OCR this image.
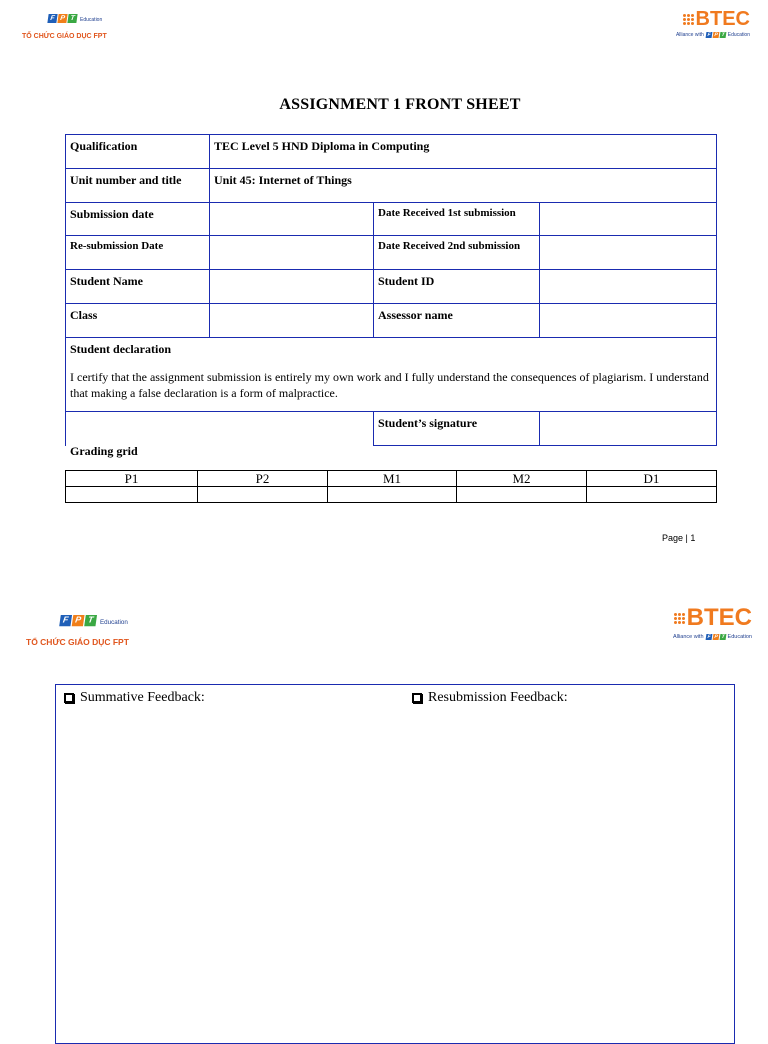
F P T Education
TỔ CHỨC GIÁO DỤC FPT
BTEC
Alliance with F P T Education
ASSIGNMENT 1 FRONT SHEET
Qualification	TEC Level 5 HND Diploma in Computing		
Unit number and title	Unit 45: Internet of Things		
Submission date		Date Received 1st submission	
Re-submission Date		Date Received 2nd submission	
Student Name		Student ID	
Class		Assessor name	

Student declaration
I certify that the assignment submission is entirely my own work and I fully understand the consequences of plagiarism. I understand that making a false declaration is a form of malpractice.			

		Student’s signature	
Grading grid
P1	P2	M1	M2	D1

Page | 1
F P T	Education
TỔ CHỨC GIÁO DỤC FPT
BTEC
Alliance with F P T Education
Summative Feedback:	Resubmission Feedback:
